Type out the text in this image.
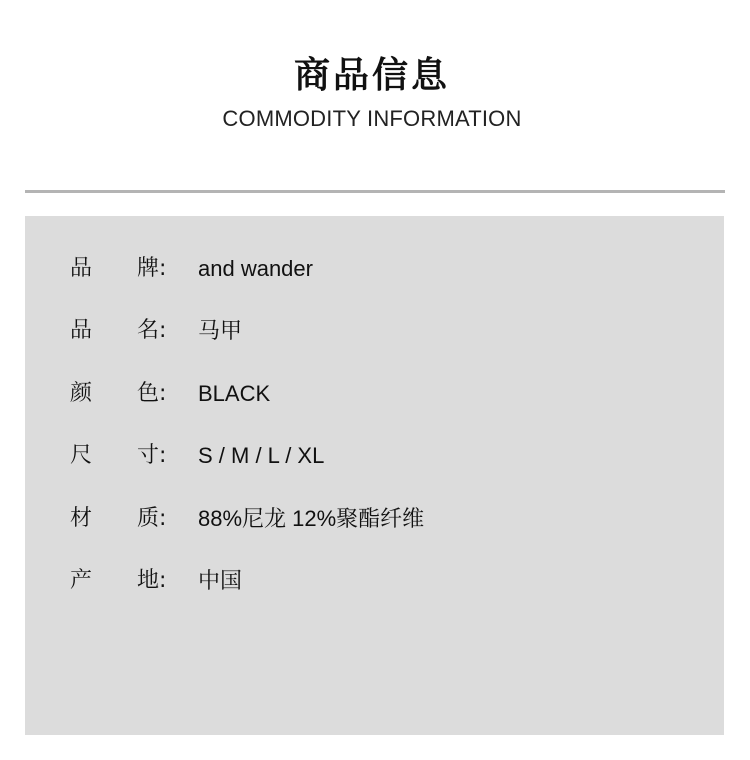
商品信息
COMMODITY INFORMATION
品 牌: and wander
品 名: 马甲
颜 色: BLACK
尺 寸: S / M / L / XL
材 质: 88%尼龙 12%聚酯纤维
产 地: 中国
